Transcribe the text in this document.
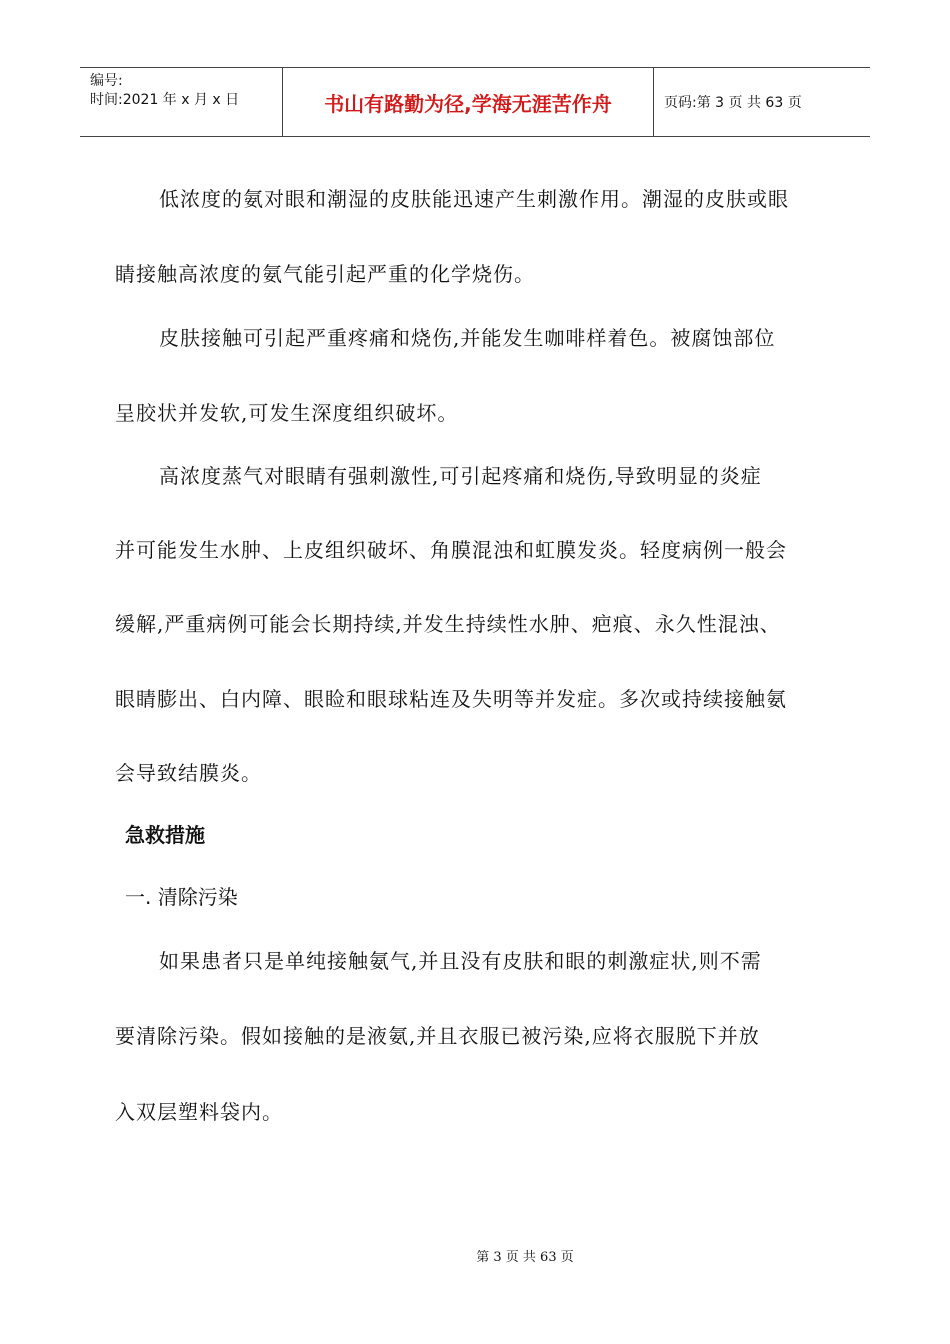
编号:
时间:2021 年 x 月 x 日	书山有路勤为径,学海无涯苦作舟	页码:第 3 页 共 63 页
低浓度的氨对眼和潮湿的皮肤能迅速产生刺激作用。潮湿的皮肤或眼
睛接触高浓度的氨气能引起严重的化学烧伤。
皮肤接触可引起严重疼痛和烧伤,并能发生咖啡样着色。被腐蚀部位
呈胶状并发软,可发生深度组织破坏。
高浓度蒸气对眼睛有强刺激性,可引起疼痛和烧伤,导致明显的炎症
并可能发生水肿、上皮组织破坏、角膜混浊和虹膜发炎。轻度病例一般会
缓解,严重病例可能会长期持续,并发生持续性水肿、疤痕、永久性混浊、
眼睛膨出、白内障、眼睑和眼球粘连及失明等并发症。多次或持续接触氨
会导致结膜炎。
急救措施
一. 清除污染
如果患者只是单纯接触氨气,并且没有皮肤和眼的刺激症状,则不需
要清除污染。假如接触的是液氨,并且衣服已被污染,应将衣服脱下并放
入双层塑料袋内。
第 3 页 共 63 页
